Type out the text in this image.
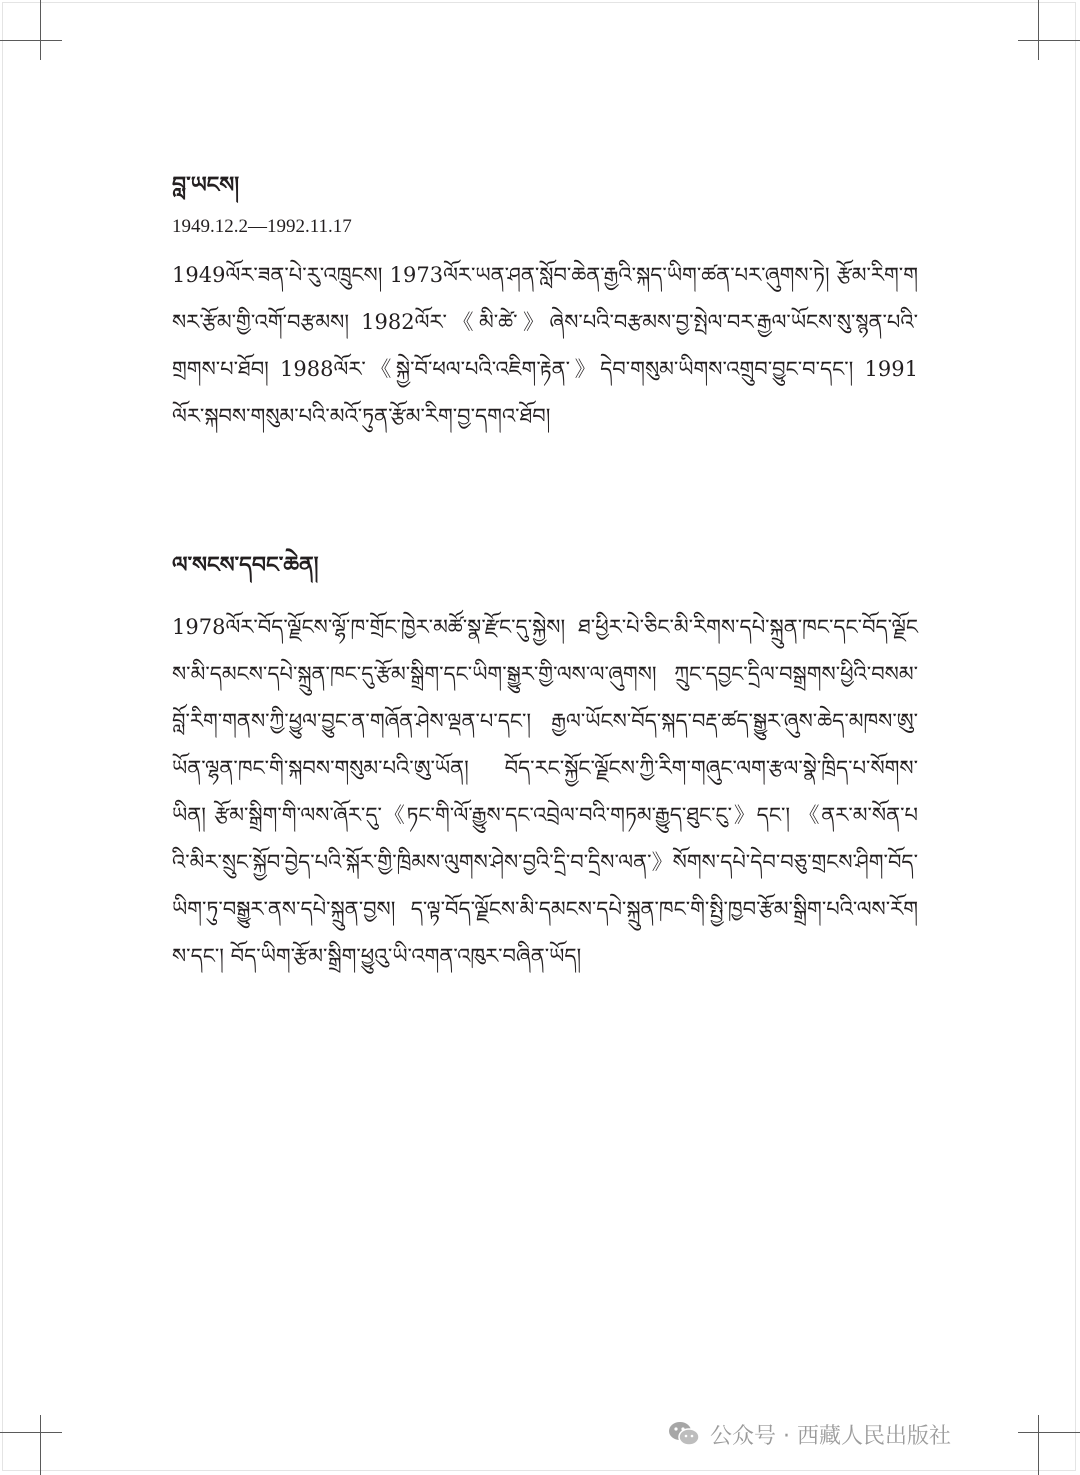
བླ་ཡངས།
1949.12.2—1992.11.17

1949ལོར་ཟན་པེ་རུ་འཁྲུངས། 1973ལོར་ཡན་ཤན་སློབ་ཆེན་རྒྱའི་སྐད་ཡིག་ཚན་པར་ཞུགས་ཏེ། རྩོམ་རིག་གསར་རྩོམ་གྱི་འགོ་བརྩམས། 1982ལོར་《མི་ཚེ་》ཞེས་པའི་བརྩམས་བྱ་སྤེལ་བར་རྒྱལ་ཡོངས་སུ་སྙན་པའི་གྲགས་པ་ཐོབ། 1988ལོར་《སྐྱེ་བོ་ཕལ་པའི་འཇིག་རྟེན་》དེབ་གསུམ་ཡིགས་འགྲུབ་བྱུང་བ་དང་། 1991ལོར་སྐབས་གསུམ་པའི་མའོ་ཏུན་རྩོམ་རིག་བྱ་དགའ་ཐོབ།

ལ་སངས་དབང་ཆེན།

1978ལོར་བོད་ལྗོངས་ལྷོ་ཁ་གྲོང་ཁྱེར་མཚོ་སྣ་རྫོང་དུ་སྐྱེས། ཐ་ཕྱིར་པེ་ཅིང་མི་རིགས་དཔེ་སྐྲུན་ཁང་དང་བོད་ལྗོངས་མི་དམངས་དཔེ་སྐྲུན་ཁང་དུ་རྩོམ་སྒྲིག་དང་ཡིག་སྒྱུར་གྱི་ལས་ལ་ཞུགས། ཀྲུང་དབྱང་དྲིལ་བསྒྲགས་ཕྱིའི་བསམ་བློ་རིག་གནས་ཀྱི་ཕྱུལ་བྱུང་ན་གཞོན་ཤེས་ལྡན་པ་དང་། རྒྱལ་ཡོངས་བོད་སྐད་བརྡ་ཚད་སྒྱུར་ཞུས་ཆེད་མཁས་ཨུ་ཡོན་ལྷན་ཁང་གི་སྐབས་གསུམ་པའི་ཨུ་ཡོན། བོད་རང་སྐྱོང་ལྗོངས་ཀྱི་རིག་གཞུང་ལག་རྩལ་སྣེ་ཁྲིད་པ་སོགས་ཡིན། རྩོམ་སྒྲིག་གི་ལས་ཞོར་དུ་《ཏང་གི་ལོ་རྒྱུས་དང་འབྲེལ་བའི་གཏམ་རྒྱུད་ཐུང་ངུ་》དང་། 《ནར་མ་སོན་པའི་མིར་སྲུང་སྐྱོབ་བྱེད་པའི་སྐོར་གྱི་ཁྲིམས་ལུགས་ཤེས་བྱའི་དྲི་བ་དྲིས་ལན་》སོགས་དཔེ་དེབ་བཅུ་གྲངས་ཤིག་བོད་ཡིག་ཏུ་བསྒྱུར་ནས་དཔེ་སྐྲུན་བྱས། ད་ལྟ་བོད་ལྗོངས་མི་དམངས་དཔེ་སྐྲུན་ཁང་གི་སྤྱི་ཁྱབ་རྩོམ་སྒྲིག་པའི་ལས་རོགས་དང་། བོད་ཡིག་རྩོམ་སྒྲིག་ཕྱུའུ་ཡི་འགན་འཁུར་བཞིན་ཡོད།

公众号 · 西藏人民出版社
